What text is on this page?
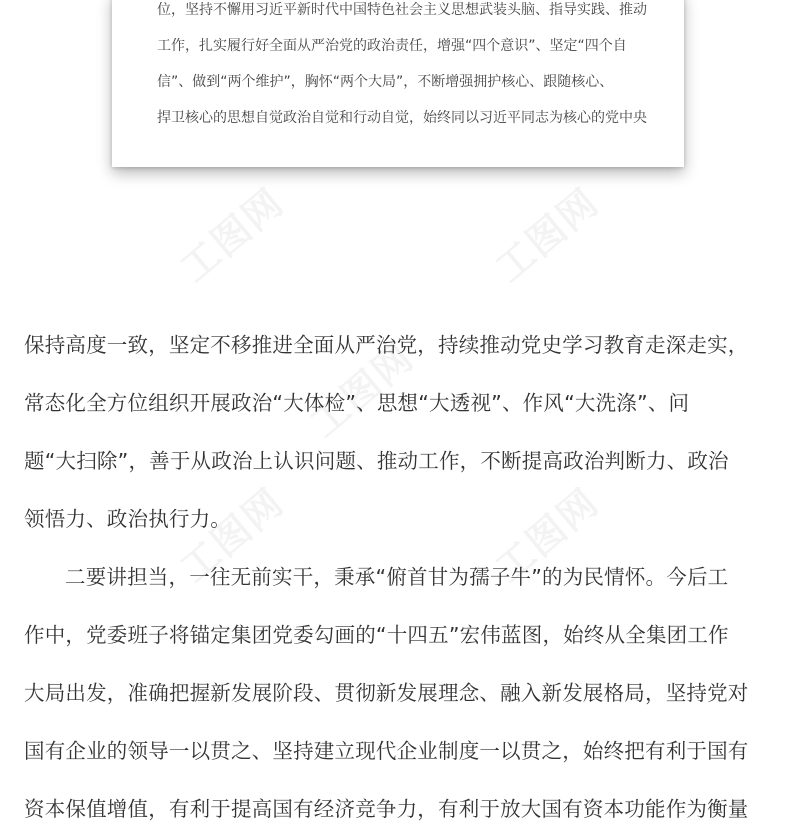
工图网	工图网
工图网
工图网	工图网
位，坚持不懈用习近平新时代中国特色社会主义思想武装头脑、指导实践、推动
工作，扎实履行好全面从严治党的政治责任，增强“四个意识”、坚定“四个自
信”、做到“两个维护”，胸怀“两个大局”，不断增强拥护核心、跟随核心、
捍卫核心的思想自觉政治自觉和行动自觉，始终同以习近平同志为核心的党中央
保持高度一致，坚定不移推进全面从严治党，持续推动党史学习教育走深走实，
常态化全方位组织开展政治“大体检”、思想“大透视”、作风“大洗涤”、问
题“大扫除”，善于从政治上认识问题、推动工作，不断提高政治判断力、政治
领悟力、政治执行力。
二要讲担当，一往无前实干，秉承“俯首甘为孺子牛”的为民情怀。今后工
作中，党委班子将锚定集团党委勾画的“十四五”宏伟蓝图，始终从全集团工作
大局出发，准确把握新发展阶段、贯彻新发展理念、融入新发展格局，坚持党对
国有企业的领导一以贯之、坚持建立现代企业制度一以贯之，始终把有利于国有
资本保值增值，有利于提高国有经济竞争力，有利于放大国有资本功能作为衡量
